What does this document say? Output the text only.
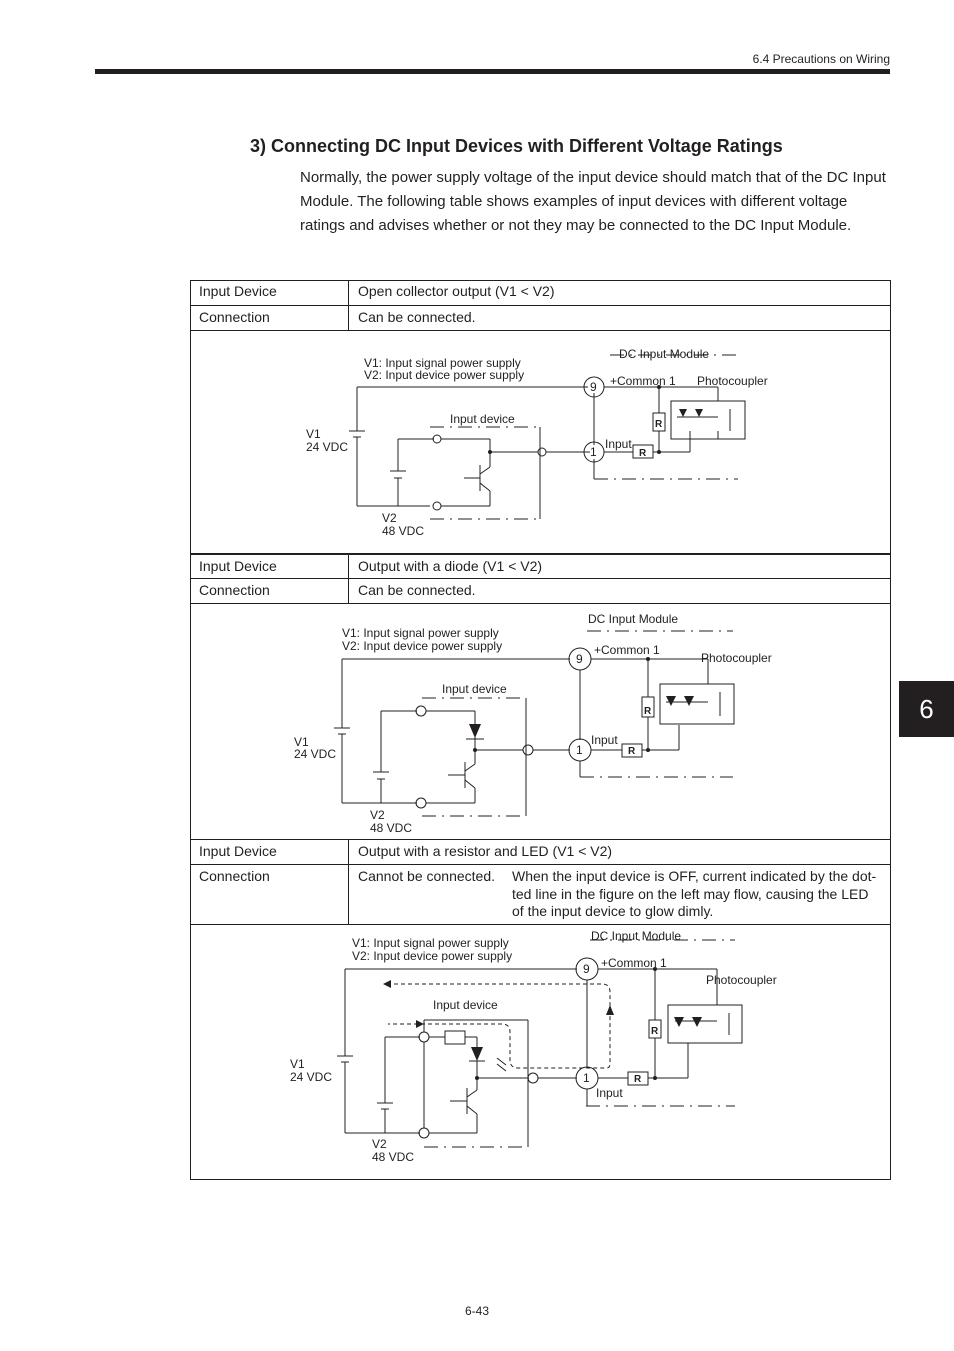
6.4 Precautions on Wiring
3) Connecting DC Input Devices with Different Voltage Ratings
Normally, the power supply voltage of the input device should match that of the DC Input Module. The following table shows examples of input devices with different voltage ratings and advises whether or not they may be connected to the DC Input Module.
6
Input Device	Open collector output (V1 < V2)
Connection	Can be connected.
V1: Input signal power supply
V2: Input device power supply
DC Input Module
+Common 1 Photocoupler
Input device
Input
V1
24 VDC
V2
48 VDC
9
1
R
R
Input Device	Output with a diode (V1 < V2)
Connection	Can be connected.
V1: Input signal power supply
V2: Input device power supply
DC Input Module
+Common 1
Photocoupler
Input device
Input
V1
24 VDC
V2
48 VDC
9
1
R
R
Input Device	Output with a resistor and LED (V1 < V2)
Connection	Cannot be connected. When the input device is OFF, current indicated by the dot-ted line in the figure on the left may flow, causing the LED of the input device to glow dimly.
V1: Input signal power supply
V2: Input device power supply
DC Input Module
+Common 1
Photocoupler
Input device
Input
V1
24 VDC
V2
48 VDC
9
1
R
R
6-43
